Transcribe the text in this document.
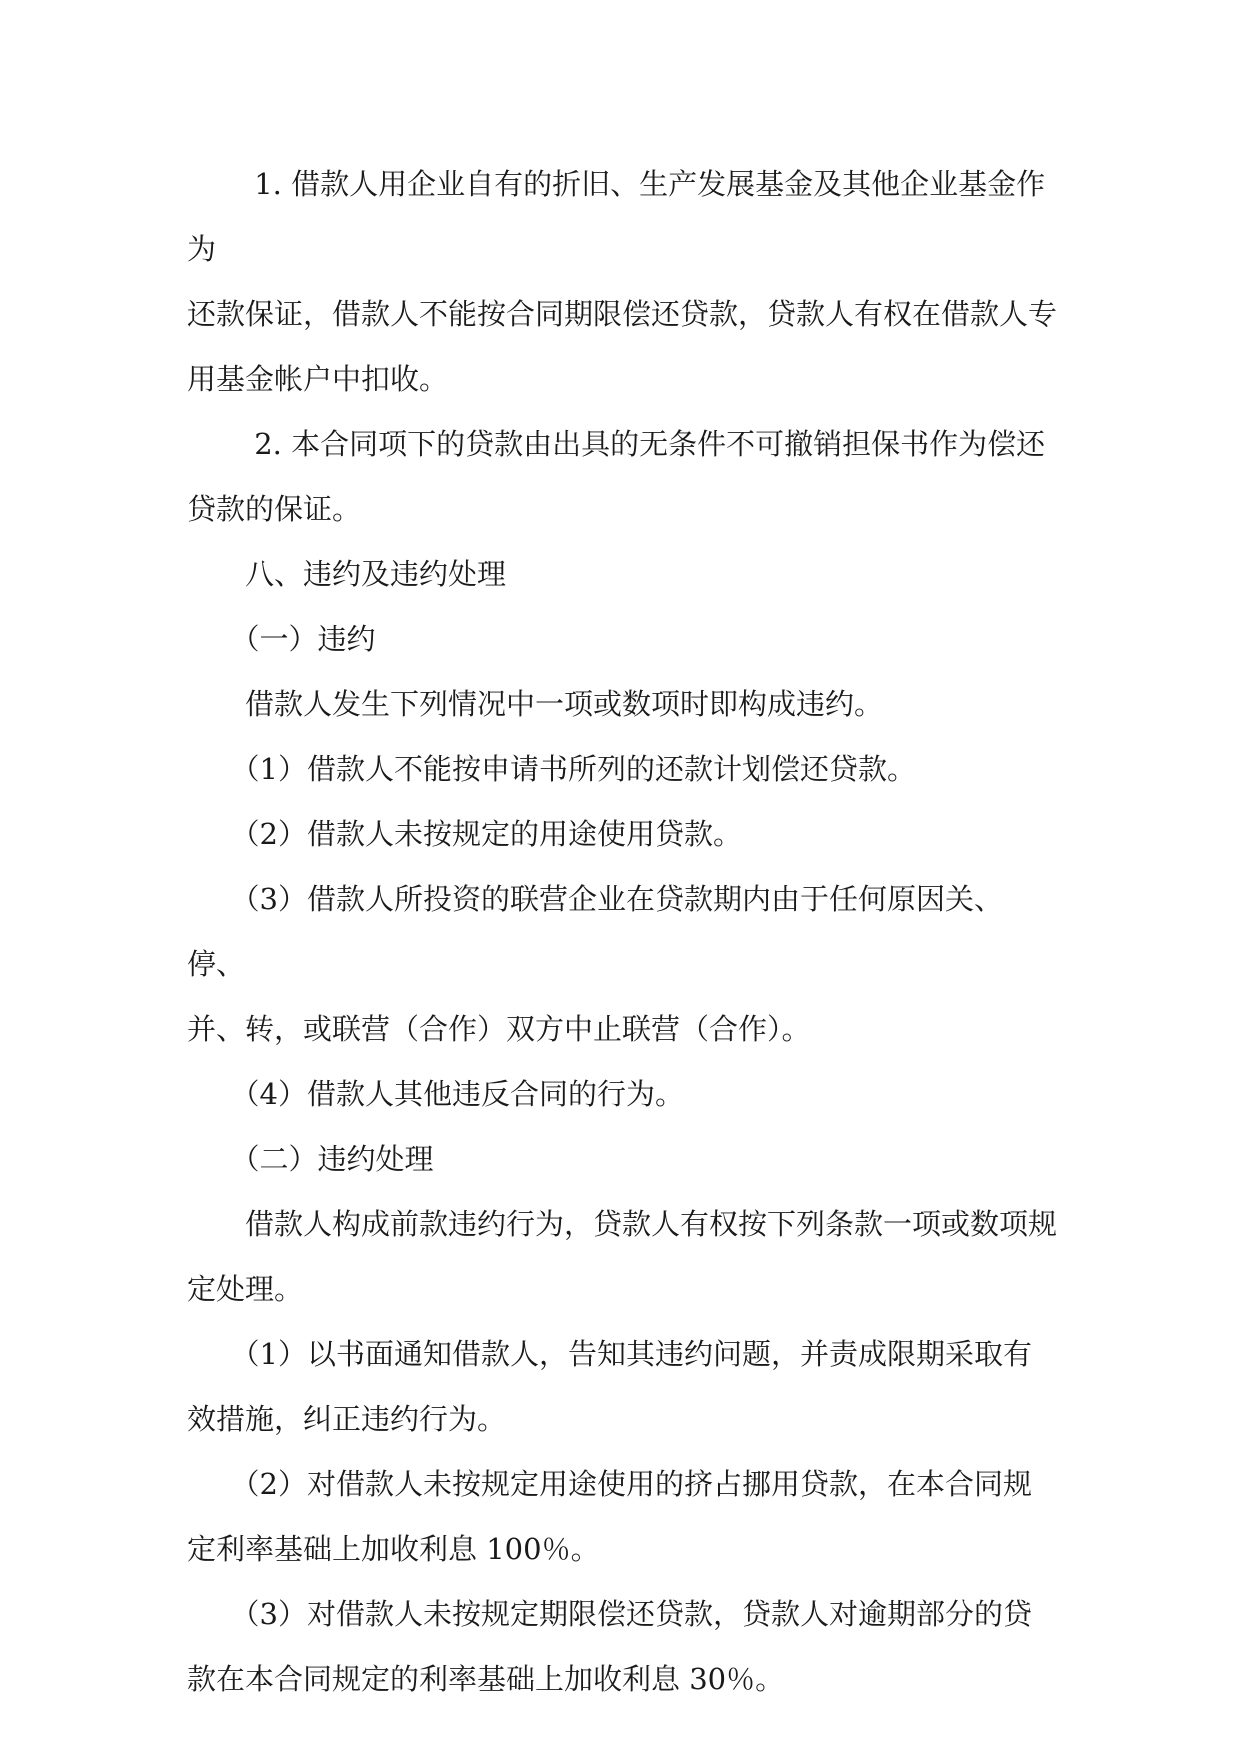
　　 1. 借款人用企业自有的折旧、生产发展基金及其他企业基金作为

还款保证，借款人不能按合同期限偿还贷款，贷款人有权在借款人专

用基金帐户中扣收。

　　 2. 本合同项下的贷款由出具的无条件不可撤销担保书作为偿还

贷款的保证。

　　八、违约及违约处理

　　（一）违约

　　借款人发生下列情况中一项或数项时即构成违约。

　　（1）借款人不能按申请书所列的还款计划偿还贷款。

　　（2）借款人未按规定的用途使用贷款。

　　（3）借款人所投资的联营企业在贷款期内由于任何原因关、停、

并、转，或联营（合作）双方中止联营（合作）。

　　（4）借款人其他违反合同的行为。

　　（二）违约处理

　　借款人构成前款违约行为，贷款人有权按下列条款一项或数项规

定处理。

　　（1）以书面通知借款人，告知其违约问题，并责成限期采取有

效措施，纠正违约行为。

　　（2）对借款人未按规定用途使用的挤占挪用贷款，在本合同规

定利率基础上加收利息 100％。

　　（3）对借款人未按规定期限偿还贷款，贷款人对逾期部分的贷

款在本合同规定的利率基础上加收利息 30％。
